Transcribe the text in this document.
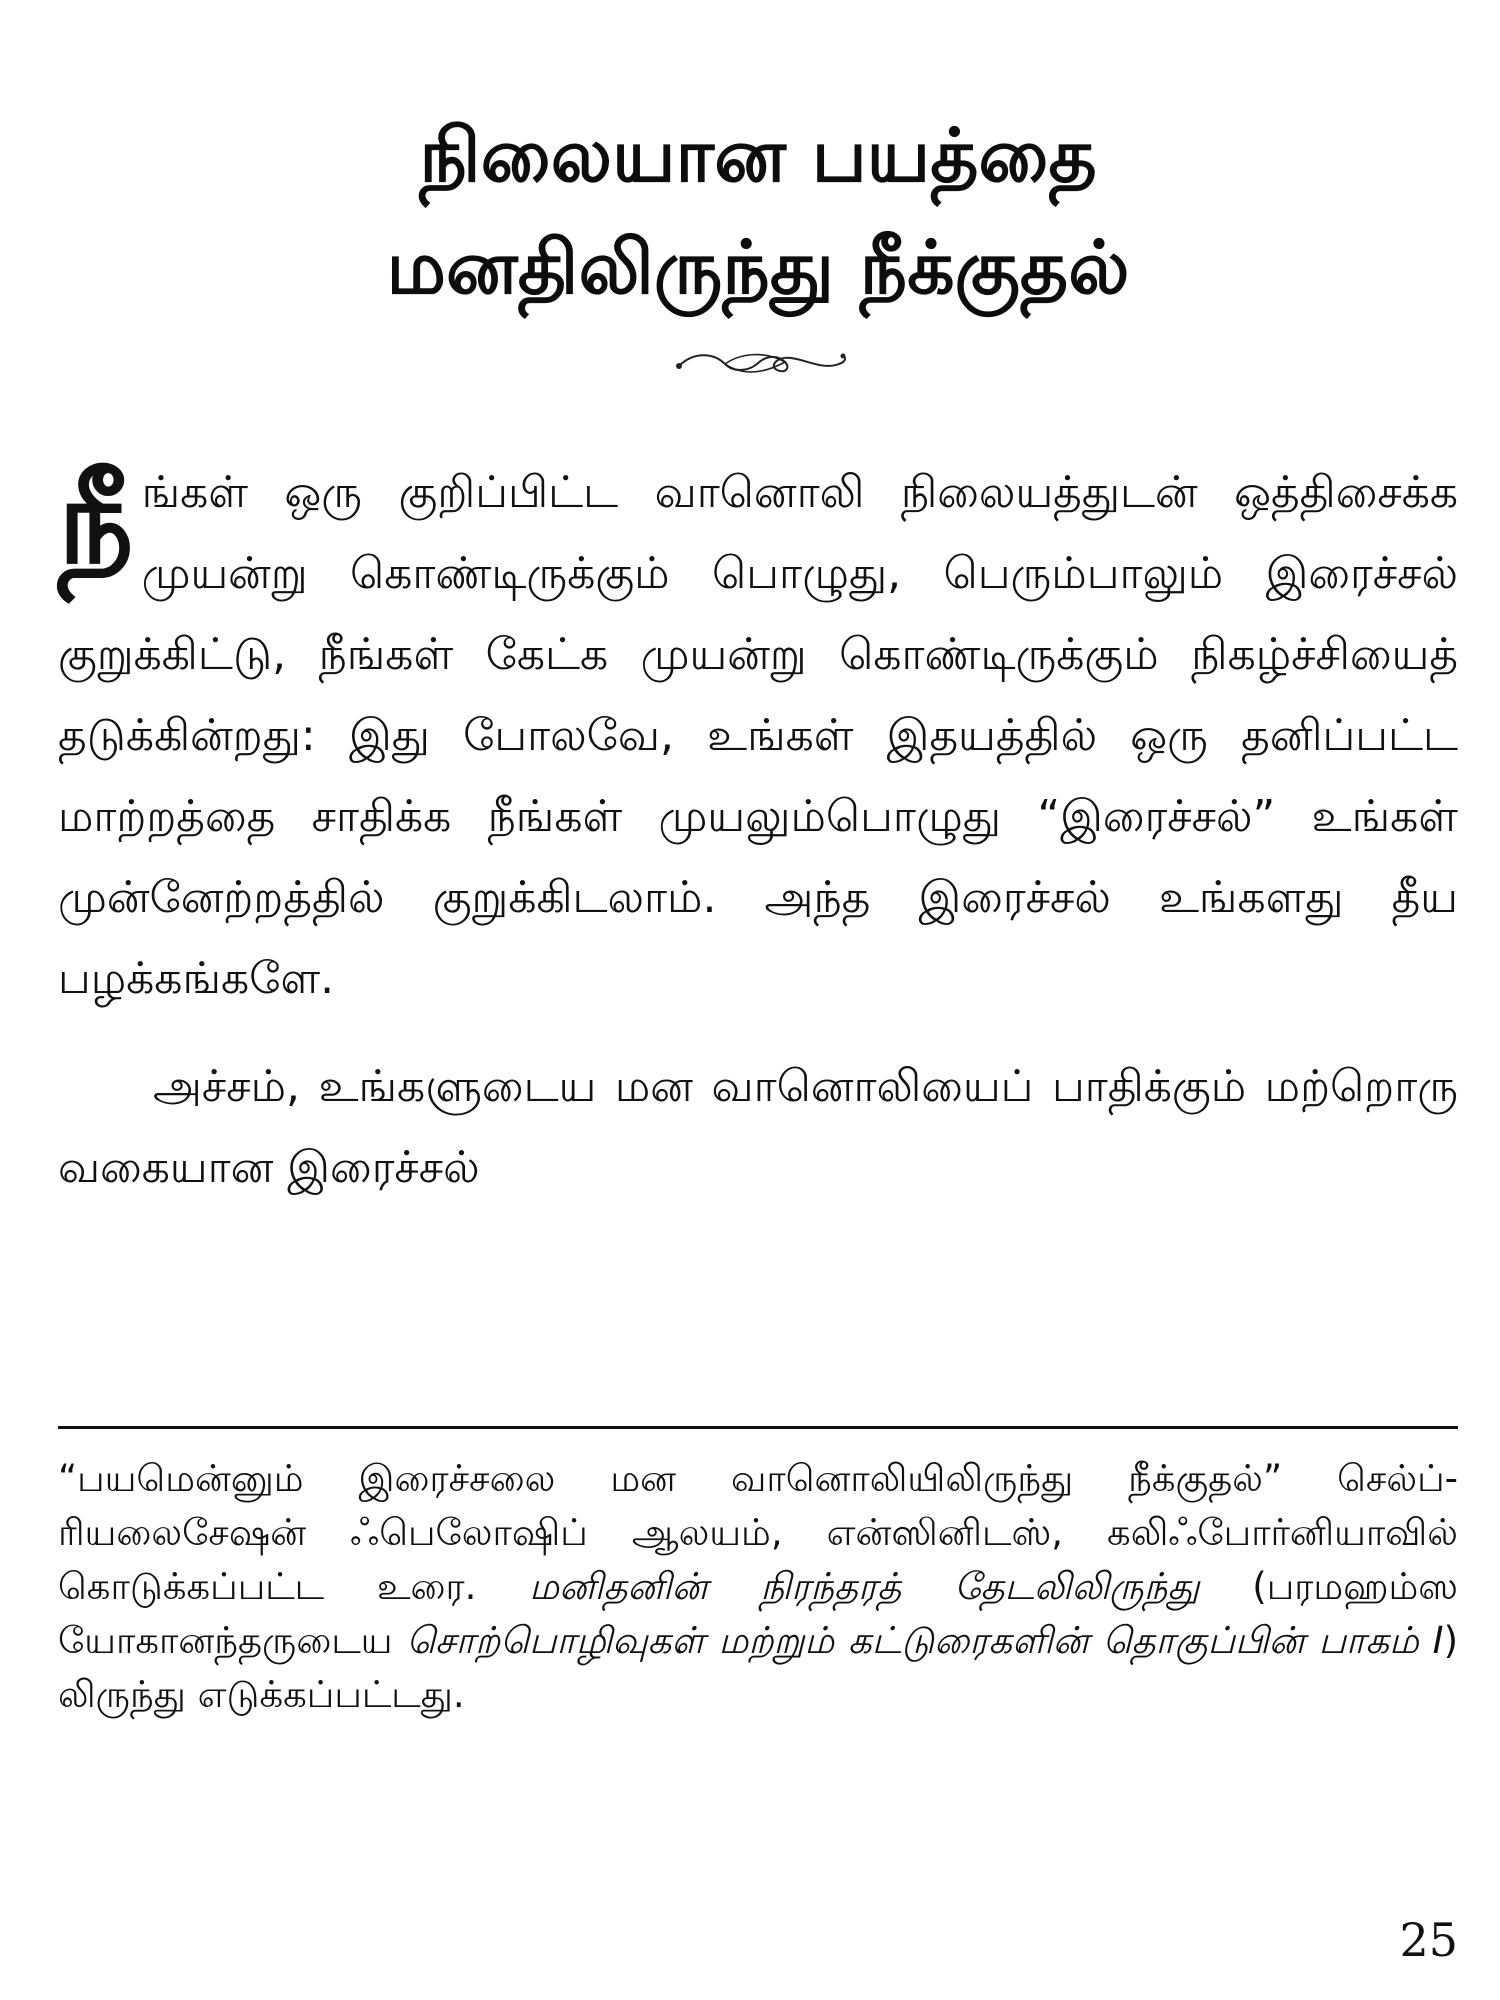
நிலையான பயத்தை
மனதிலிருந்து நீக்குதல்

நீங்கள் ஒரு குறிப்பிட்ட வானொலி நிலையத்துடன் ஒத்திசைக்க முயன்று கொண்டிருக்கும் பொழுது, பெரும்பாலும் இரைச்சல் குறுக்கிட்டு, நீங்கள் கேட்க முயன்று கொண்டிருக்கும் நிகழ்ச்சியைத் தடுக்கின்றது: இது போலவே, உங்கள் இதயத்தில் ஒரு தனிப்பட்ட மாற்றத்தை சாதிக்க நீங்கள் முயலும்பொழுது “இரைச்சல்” உங்கள் முன்னேற்றத்தில் குறுக்கிடலாம். அந்த இரைச்சல் உங்களது தீய பழக்கங்களே.

அச்சம், உங்களுடைய மன வானொலியைப் பாதிக்கும் மற்றொரு வகையான இரைச்சல்

“பயமென்னும் இரைச்சலை மன வானொலியிலிருந்து நீக்குதல்” செல்ப்-ரியலைசேஷன் ஃபெலோஷிப் ஆலயம், என்ஸினிடஸ், கலிஃபோர்னியாவில் கொடுக்கப்பட்ட உரை. மனிதனின் நிரந்தரத் தேடலிலிருந்து (பரமஹம்ஸ யோகானந்தருடைய சொற்பொழிவுகள் மற்றும் கட்டுரைகளின் தொகுப்பின் பாகம் I) லிருந்து எடுக்கப்பட்டது.

25
